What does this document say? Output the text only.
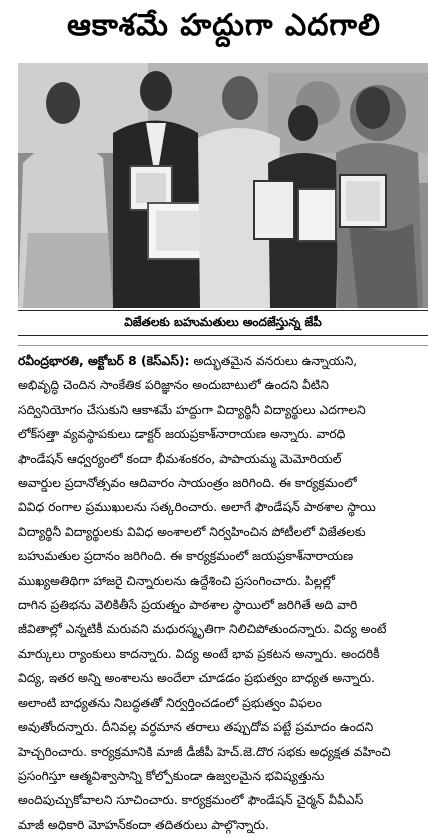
ఆకాశమే హద్దుగా ఎదగాలి
విజేతలకు బహుమతులు అందజేస్తున్న జేపీ
రవీంద్రభారతి, అక్టోబర్ 8 (కెస్ఎస్): అద్భుతమైన వనరులు ఉన్నాయని,
అభివృద్ధి చెందిన సాంకేతిక పరిజ్ఞానం అందుబాటులో ఉందని వీటిని
సద్వినియోగం చేసుకుని ఆకాశమే హద్దుగా విద్యార్థినీ విద్యార్థులు ఎదగాలని
లోక్‌సత్తా వ్యవస్థాపకులు డాక్టర్ జయప్రకాశ్‌నారాయణ అన్నారు. వారధి
ఫౌండేషన్ ఆధ్వర్యంలో కందా భీమశంకరం, పాపాయమ్మ మెమోరియల్
అవార్డుల ప్రదానోత్సవం ఆదివారం సాయంత్రం జరిగింది. ఈ కార్యక్రమంలో
వివిధ రంగాల ప్రముఖులను సత్కరించారు. అలాగే ఫౌండేషన్ పాఠశాల స్థాయి
విద్యార్థినీ విద్యార్థులకు వివిధ అంశాలలో నిర్వహించిన పోటీలలో విజేతలకు
బహుమతుల ప్రదానం జరిగింది. ఈ కార్యక్రమంలో జయప్రకాశ్‌నారాయణ
ముఖ్యఅతిథిగా హాజరై చిన్నారులను ఉద్దేశించి ప్రసంగించారు. పిల్లల్లో
దాగిన ప్రతిభను వెలికితీసే ప్రయత్నం పాఠశాల స్థాయిలో జరిగితే అది వారి
జీవితాల్లో ఎన్నటికీ మరువని మధురస్మృతిగా నిలిచిపోతుందన్నారు. విద్య అంటే
మార్కులు ర్యాంకులు కాదన్నారు. విద్య అంటే భావ ప్రకటన అన్నారు. అందరికీ
విద్య, ఇతర అన్ని అంశాలను అందేలా చూడడం ప్రభుత్వం బాధ్యత అన్నారు.
అలాంటి బాధ్యతను నిబద్ధతతో నిర్వర్తించడంలో ప్రభుత్వం విఫలం
అవుతోందన్నారు. దీనివల్ల వర్ధమాన తరాలు తప్పుదోవ పట్టే ప్రమాదం ఉందని
హెచ్చరించారు. కార్యక్రమానికి మాజీ డీజీపీ హెచ్.జె.దొర సభకు అధ్యక్షత వహించి
ప్రసంగిస్తూ ఆత్మవిశ్వాసాన్ని కోల్పోకుండా ఉజ్వలమైన భవిష్యత్తును
అందిపుచ్చుకోవాలని సూచించారు. కార్యక్రమంలో ఫౌండేషన్ చైర్మన్ వీవీఎస్
మాజీ అధికారి మోహన్‌కందా తదితరులు పాల్గొన్నారు.
